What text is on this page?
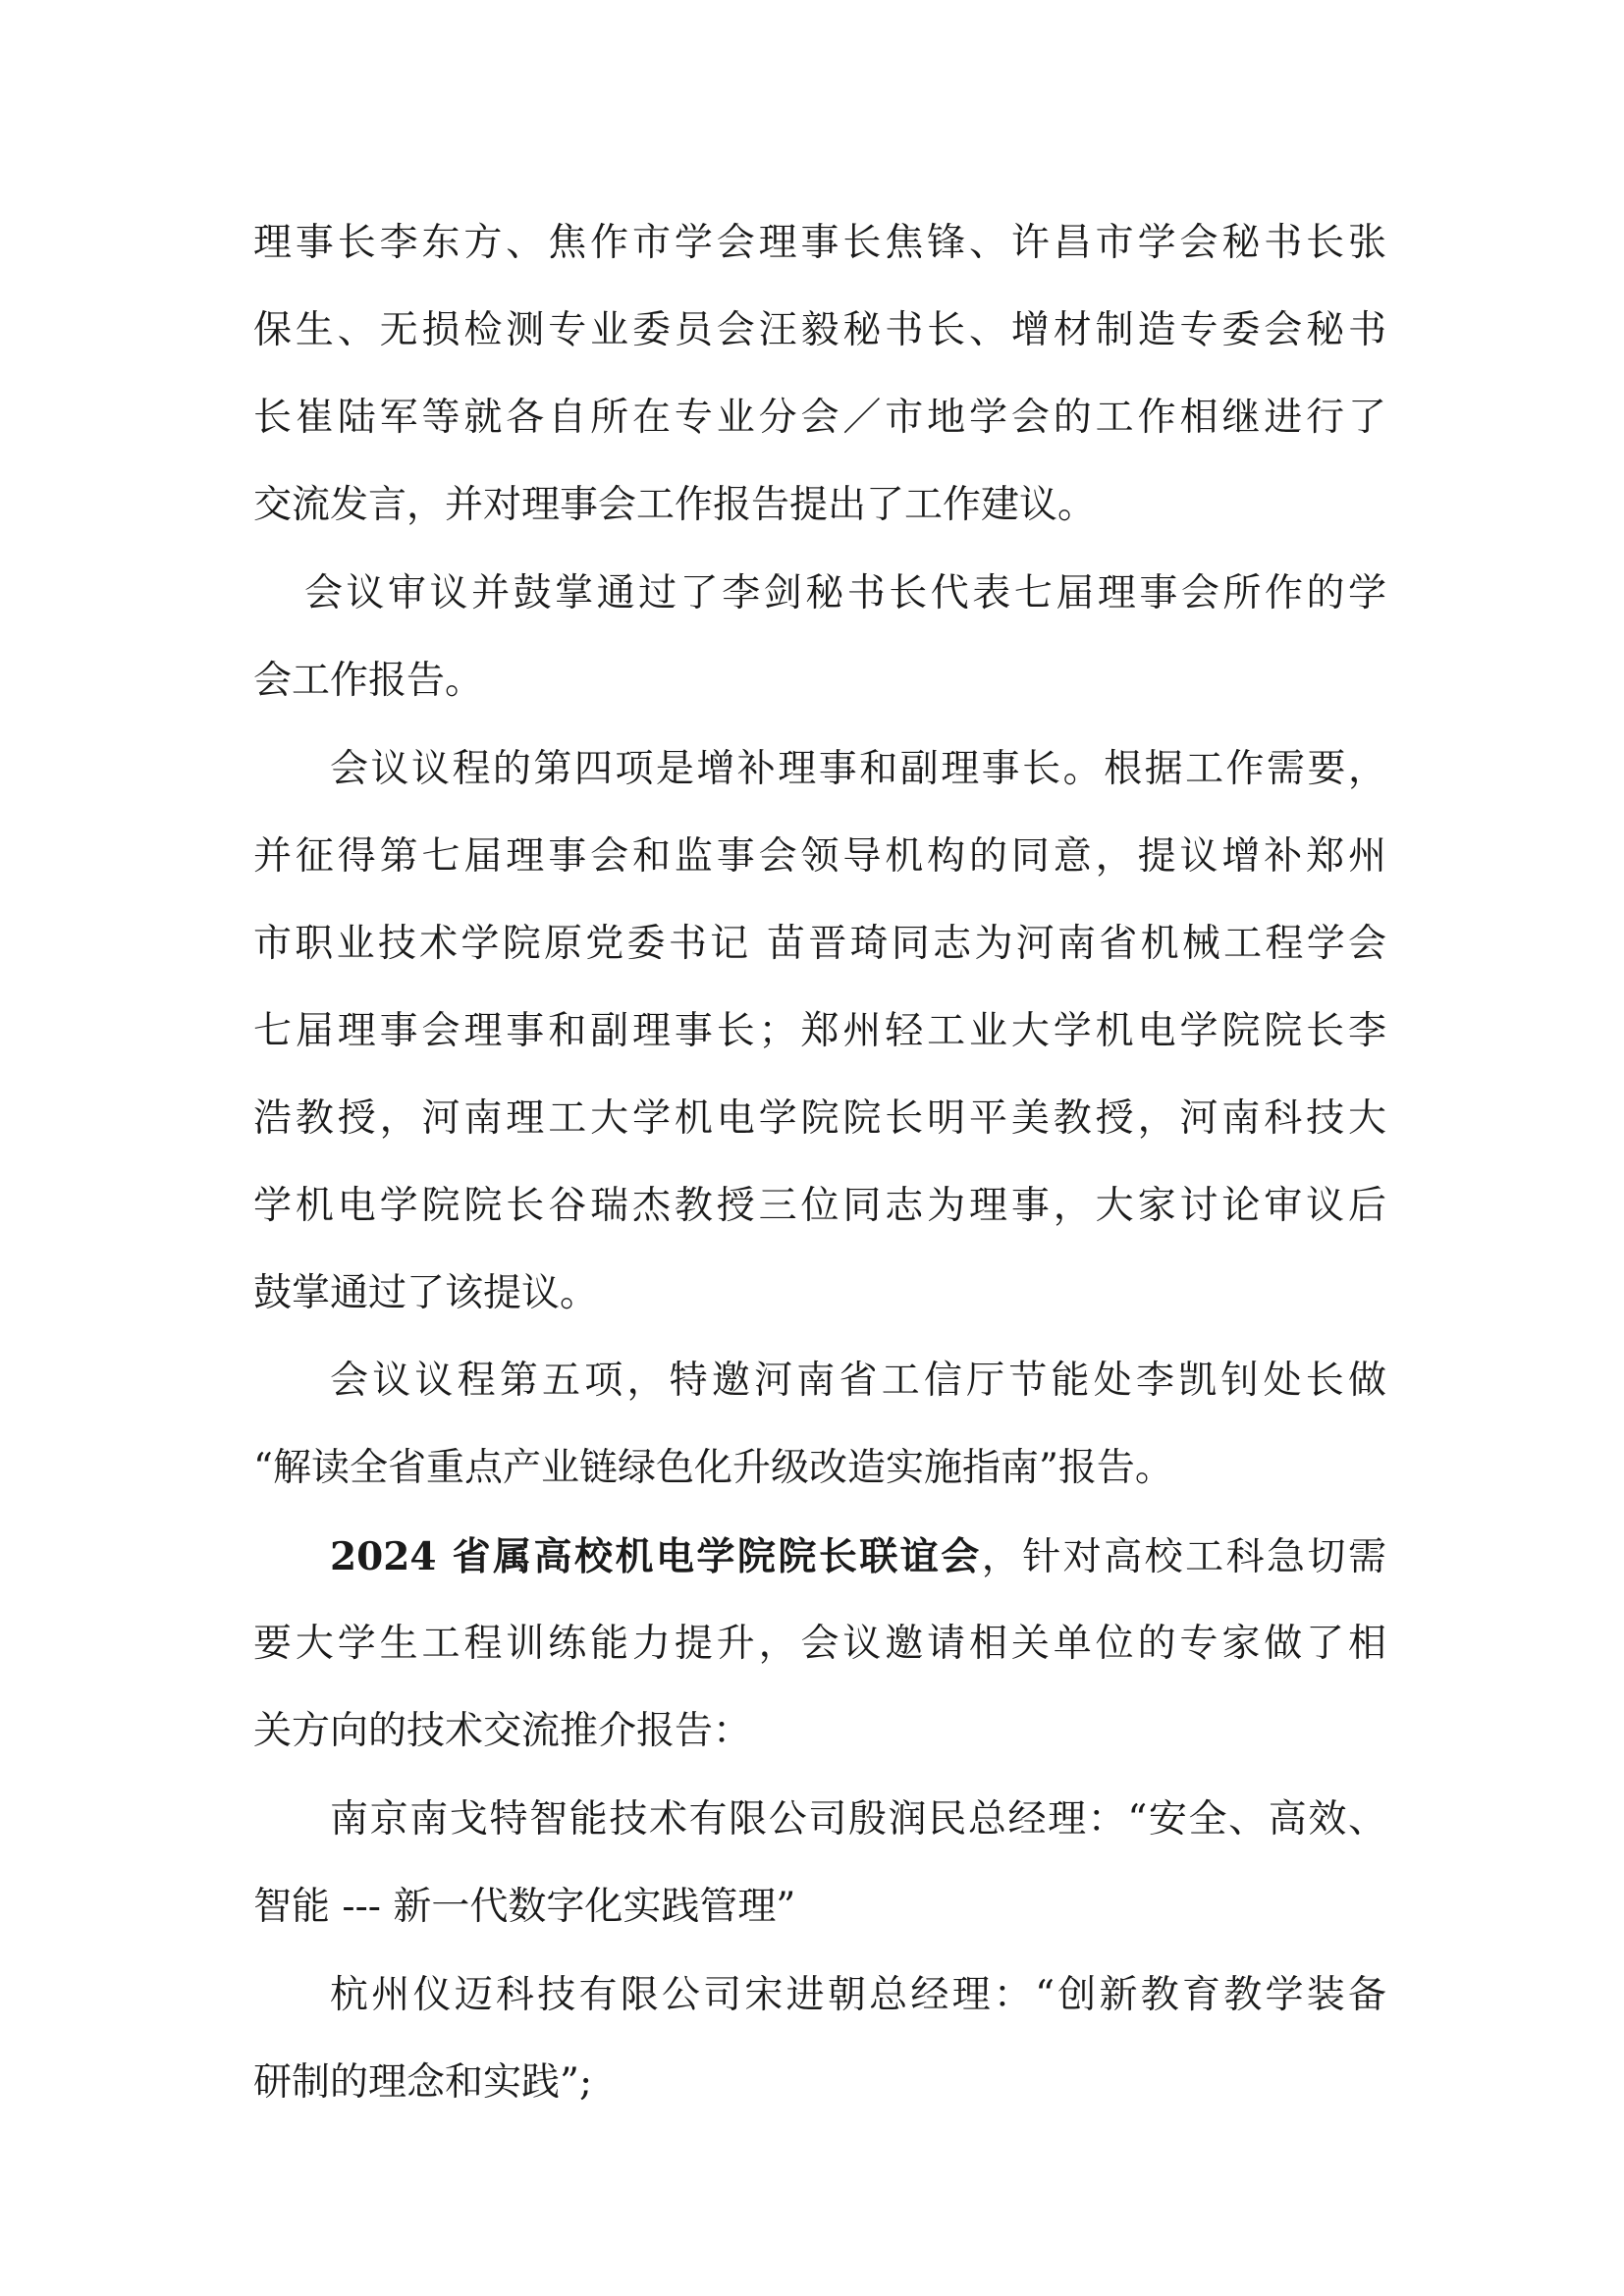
理事长李东方、焦作市学会理事长焦锋、许昌市学会秘书长张
保生、无损检测专业委员会汪毅秘书长、增材制造专委会秘书
长崔陆军等就各自所在专业分会／市地学会的工作相继进行了
交流发言，并对理事会工作报告提出了工作建议。
会议审议并鼓掌通过了李剑秘书长代表七届理事会所作的学
会工作报告。
会议议程的第四项是增补理事和副理事长。根据工作需要，
并征得第七届理事会和监事会领导机构的同意，提议增补郑州
市职业技术学院原党委书记 苗晋琦同志为河南省机械工程学会
七届理事会理事和副理事长；郑州轻工业大学机电学院院长李
浩教授，河南理工大学机电学院院长明平美教授，河南科技大
学机电学院院长谷瑞杰教授三位同志为理事，大家讨论审议后
鼓掌通过了该提议。
会议议程第五项，特邀河南省工信厅节能处李凯钊处长做
“解读全省重点产业链绿色化升级改造实施指南”报告。
2024 省属高校机电学院院长联谊会，针对高校工科急切需
要大学生工程训练能力提升，会议邀请相关单位的专家做了相
关方向的技术交流推介报告：
南京南戈特智能技术有限公司殷润民总经理：“安全、高效、
智能 --- 新一代数字化实践管理”
杭州仪迈科技有限公司宋进朝总经理：“创新教育教学装备
研制的理念和实践”;
